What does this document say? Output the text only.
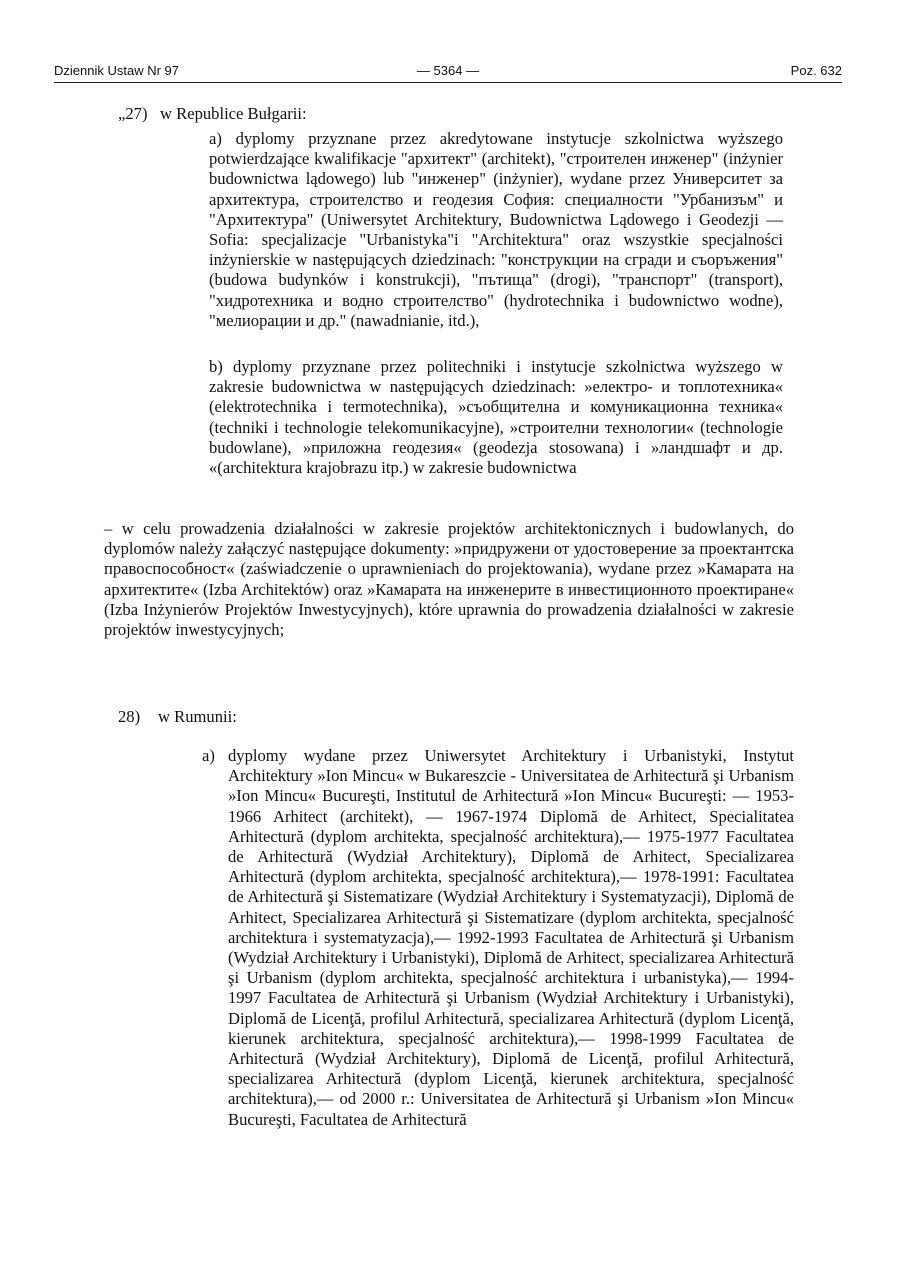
Dziennik Ustaw Nr 97	— 5364 —	Poz. 632
„27) w Republice Bułgarii:

a) dyplomy przyznane przez akredytowane instytucje szkolnictwa wyższego potwierdzające kwalifikacje "архитект" (architekt), "строителен инженер" (inżynier budownictwa lądowego) lub "инженер" (inżynier), wydane przez Университет за архитектура, строителство и геодезия София: специалности "Урбанизъм" и "Архитектура" (Uniwersytet Architektury, Budownictwa Lądowego i Geodezji — Sofia: specjalizacje "Urbanistyka"i "Architektura" oraz wszystkie specjalności inżynierskie w następujących dziedzinach: "конструкции на сгради и съоръжения" (budowa budynków i konstrukcji), "пътища" (drogi), "транспорт" (transport), "хидротехника и водно строителство" (hydrotechnika i budownictwo wodne), "мелиорации и др." (nawadnianie, itd.),

b) dyplomy przyznane przez politechniki i instytucje szkolnictwa wyższego w zakresie budownictwa w następujących dziedzinach: »електро- и топлотехника« (elektrotechnika i termotechnika), »съобщителна и комуникационна техника« (techniki i technologie telekomunikacyjne), »строителни технологии« (technologie budowlane), »приложна геодезия« (geodezja stosowana) i »ландшафт и др. «(architektura krajobrazu itp.) w zakresie budownictwa

– w celu prowadzenia działalności w zakresie projektów architektonicznych i budowlanych, do dyplomów należy załączyć następujące dokumenty: »придружени от удостоверение за проектантска правоспособност« (zaświadczenie o uprawnieniach do projektowania), wydane przez »Камарата на архитектите« (Izba Architektów) oraz »Камарата на инженерите в инвестиционното проектиране« (Izba Inżynierów Projektów Inwestycyjnych), które uprawnia do prowadzenia działalności w zakresie projektów inwestycyjnych;

28) w Rumunii:
a) dyplomy wydane przez Uniwersytet Architektury i Urbanistyki, Instytut Architektury »Ion Mincu« w Bukareszcie - Universitatea de Arhitectură şi Urbanism »Ion Mincu« Bucureşti, Institutul de Arhitectură »Ion Mincu« Bucureşti: — 1953-1966 Arhitect (architekt), — 1967-1974 Diplomă de Arhitect, Specialitatea Arhitectură (dyplom architekta, specjalność architektura),— 1975-1977 Facultatea de Arhitectură (Wydział Architektury), Diplomă de Arhitect, Specializarea Arhitectură (dyplom architekta, specjalność architektura),— 1978-1991: Facultatea de Arhitectură şi Sistematizare (Wydział Architektury i Systematyzacji), Diplomă de Arhitect, Specializarea Arhitectură şi Sistematizare (dyplom architekta, specjalność architektura i systematyzacja),— 1992-1993 Facultatea de Arhitectură şi Urbanism (Wydział Architektury i Urbanistyki), Diplomă de Arhitect, specializarea Arhitectură şi Urbanism (dyplom architekta, specjalność architektura i urbanistyka),— 1994-1997 Facultatea de Arhitectură şi Urbanism (Wydział Architektury i Urbanistyki), Diplomă de Licenţă, profilul Arhitectură, specializarea Arhitectură (dyplom Licenţă, kierunek architektura, specjalność architektura),— 1998-1999 Facultatea de Arhitectură (Wydział Architektury), Diplomă de Licenţă, profilul Arhitectură, specializarea Arhitectură (dyplom Licenţă, kierunek architektura, specjalność architektura),— od 2000 r.: Universitatea de Arhitectură şi Urbanism »Ion Mincu« Bucureşti, Facultatea de Arhitectură
